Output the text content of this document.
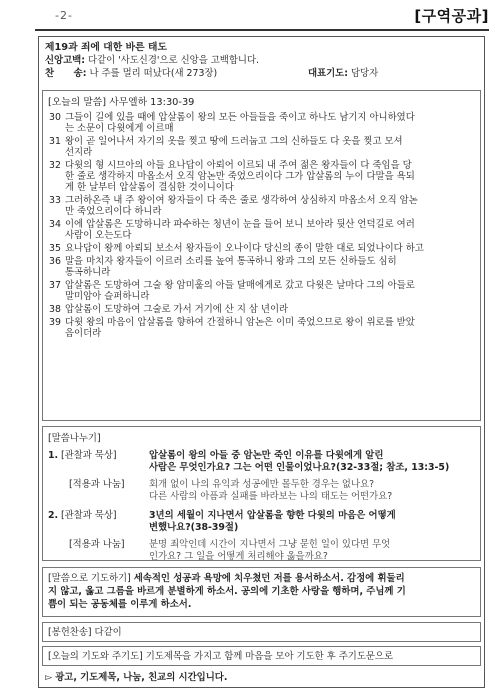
-2-	[구역공과]
제19과 죄에 대한 바른 태도
신앙고백: 다같이 '사도신경'으로 신앙을 고백합니다.
찬      송: 나 주를 멀리 떠났다(새 273장)	대표기도: 담당자
[오늘의 말씀] 사무엘하 13:30-39
30 그들이 길에 있을 때에 압살롬이 왕의 모든 아들들을 죽이고 하나도 남기지 아니하였다
는 소문이 다윗에게 이르매
31 왕이 곧 일어나서 자기의 옷을 찢고 땅에 드러눕고 그의 신하들도 다 옷을 찢고 모셔
선지라
32 다윗의 형 시므아의 아들 요나답이 아뢰어 이르되 내 주여 젊은 왕자들이 다 죽임을 당
한 줄로 생각하지 마옵소서 오직 암논만 죽었으리이다 그가 압살롬의 누이 다말을 욕되
게 한 날부터 압살롬이 결심한 것이니이다
33 그러하온즉 내 주 왕이여 왕자들이 다 죽은 줄로 생각하여 상심하지 마옵소서 오직 암논
만 죽었으리이다 하니라
34 이에 압살롬은 도망하니라 파수하는 청년이 눈을 들어 보니 보아라 뒷산 언덕길로 여러
사람이 오는도다
35 요나답이 왕께 아뢰되 보소서 왕자들이 오나이다 당신의 종이 말한 대로 되었나이다 하고
36 말을 마치자 왕자들이 이르러 소리를 높여 통곡하니 왕과 그의 모든 신하들도 심히
통곡하니라
37 압살롬은 도망하여 그술 왕 암미훌의 아들 달매에게로 갔고 다윗은 날마다 그의 아들로
말미암아 슬퍼하니라
38 압살롬이 도망하여 그술로 가서 거기에 산 지 삼 년이라
39 다윗 왕의 마음이 압살롬을 향하여 간절하니 암논은 이미 죽었으므로 왕이 위로를 받았
음이더라
[말씀나누기]
1. [관찰과 묵상]	압살롬이 왕의 아들 중 암논만 죽인 이유를 다윗에게 알린
사람은 무엇인가요? 그는 어떤 인물이었나요?(32-33절; 참조, 13:3-5)
[적용과 나눔]	회개 없이 나의 유익과 성공에만 몰두한 경우는 없나요?
다른 사람의 아픔과 실패를 바라보는 나의 태도는 어떤가요?
2. [관찰과 묵상]	3년의 세월이 지나면서 압살롬을 향한 다윗의 마음은 어떻게
변했나요?(38-39절)
[적용과 나눔]	분명 죄악인데 시간이 지나면서 그냥 묻힌 일이 있다면 무엇
인가요? 그 일을 어떻게 처리해야 옳을까요?
[말씀으로 기도하기] 세속적인 성공과 욕망에 치우쳤던 저를 용서하소서. 감정에 휘둘리
지 않고, 옳고 그름을 바르게 분별하게 하소서. 공의에 기초한 사랑을 행하며, 주님께 기
쁨이 되는 공동체를 이루게 하소서.
[봉헌찬송] 다같이
[오늘의 기도와 주기도] 기도제목을 가지고 함께 마음을 모아 기도한 후 주기도문으로
▻ 광고, 기도제목, 나눔, 친교의 시간입니다.
